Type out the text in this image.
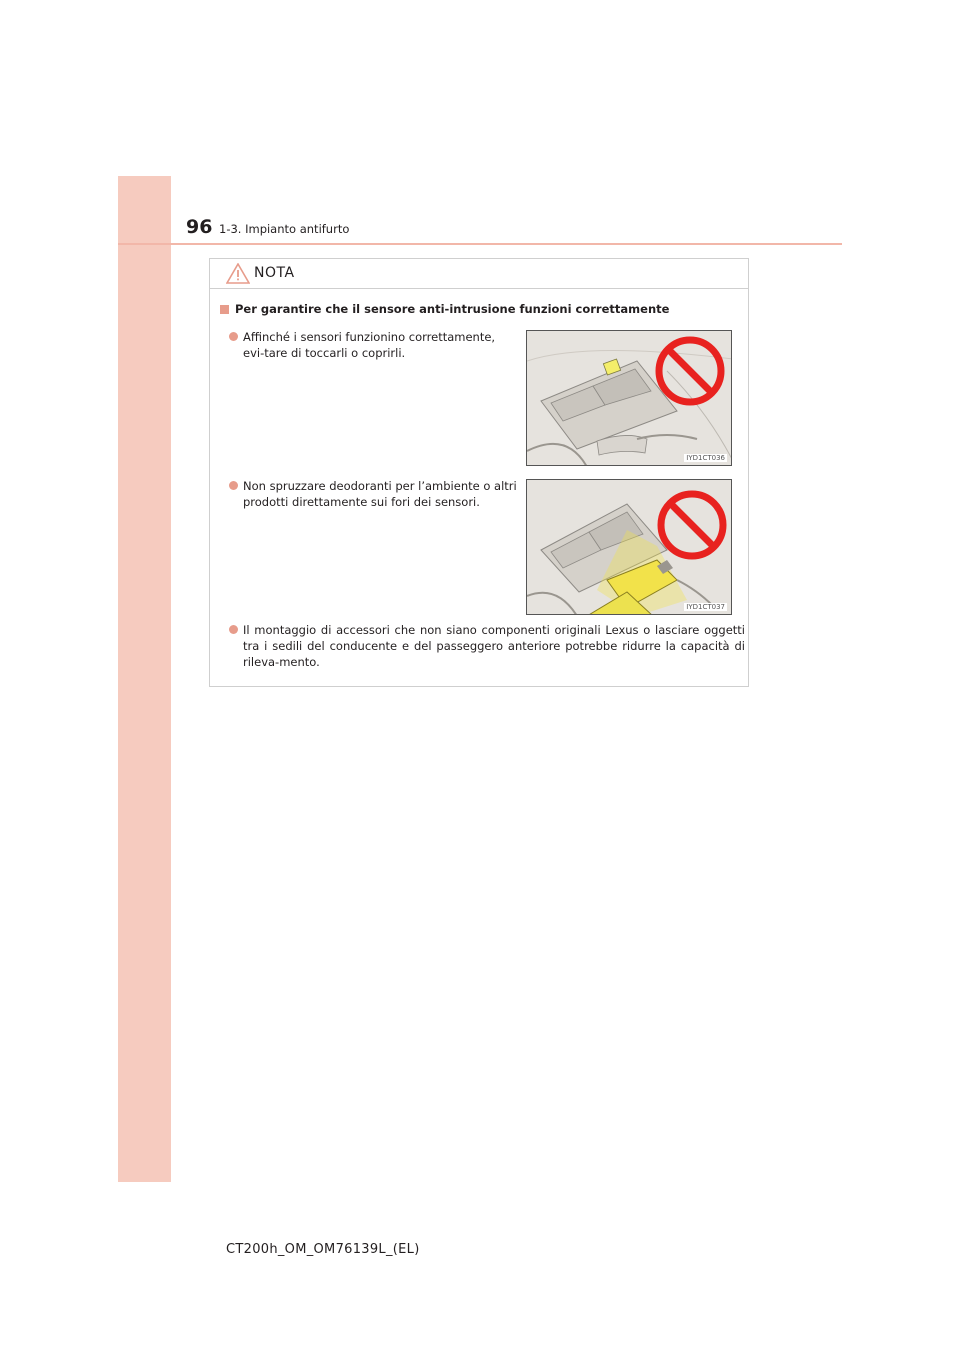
96 1-3. Impianto antifurto
NOTA
Per garantire che il sensore anti-intrusione funzioni correttamente
Affinché i sensori funzionino correttamente, evi-tare di toccarli o coprirli.
IYD1CT036
Non spruzzare deodoranti per l’ambiente o altri prodotti direttamente sui fori dei sensori.
IYD1CT037
Il montaggio di accessori che non siano componenti originali Lexus o lasciare oggetti tra i sedili del conducente e del passeggero anteriore potrebbe ridurre la capacità di rileva-mento.
CT200h_OM_OM76139L_(EL)
